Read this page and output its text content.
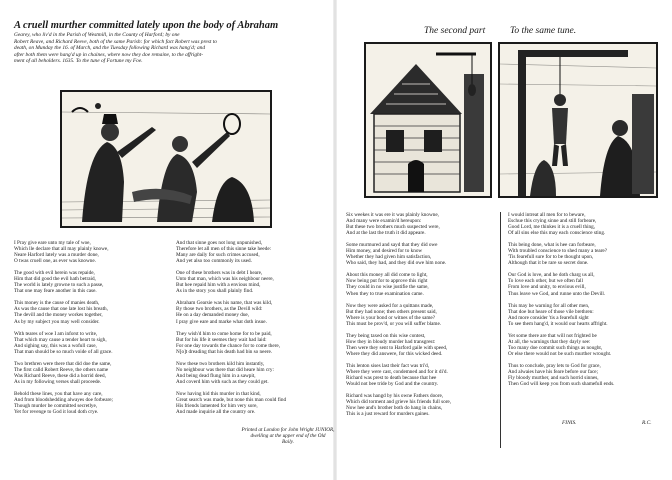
A cruell murther committed lately upon the body of Abraham
Gearey, who liv'd in the Parish of Westmill, in the County of Harford; by one
Robert Reave, and Richard Reeve, both of the same Parish: for which fact Robert was prest to
death, on Munday the 16. of March, and the Tuesday following Richard was hang'd; and
after both them were hang'd up in chaines, where now they doe remaine, to the affright-
ment of all beholders. 1635. To the tune of Fortune my Foe.

I Pray give eare unto my tale of woe,
Which lle declare that all may plainly knowe,
Neare Harford lately was a murder done,
O twas cruell one, as ever was knowne.

The good with evil herein was repaide,
Him that did good the evil hath betraid,
The world is lately growne to such a passe,
That one may feare another in this case.

This money is the cause of manies death,
As was the cause that one late lost his breath,
The devill and the money workes together,
As by my subject you may well consider.

With teares of woe I am inforst to write,
That which may cause a tender heart to sigh,
And sighing say, this was a wofull case,
That man should be so much voide of all grace.

Two brethren were there that did doe the same,
The first calld Robert Reeve, the others name
Was Richard Reeve, these did a horrid deed,
As in my following verses shall proceede.

Behold these lines, you that have any care,
And from bloodshedding alwayes doe forbeare;
Though murder be committed secretlye,
Yet for revenge to God it loud doth crye.

And that sinne goes not long unpunished,
Therefore let all men of this sinne take heede:
Many are daily for such crimes accused,
And yet also too commonly its used.

One of these brothers was in debt I heare,
Unto that man, which was his neighbour neere,
But hee repaid him with a envious mind,
As in the story you shall plainly find.

Abraham Gearsie was his name, that was kild,
By those two brothers, as the Devill wild:
He on a day demanded money due,
I pray give eare and marke what doth insue.

They wish'd him to come home for to be paid,
But for his life it seemes they wait had laid:
For one day towards the chance for to come there,
N[o]t dreading that his death had bin so neere.

Now these two brothers kild him instantly,
No neighbour was there that did heare him cry:
And being dead flung him in a sawpit,
And coverd him with such as they could get.

Now having hid this murder in that kind,
Great search was made, but none this man could find
His friends lamented for him very sore,
And made inquirie all the country ore.

The second part	To the same tune.

Six weekes it was ere it was plainly knowne,
And many were examin'd hereupon:
But these two brothers much suspected were,
And at the last the truth it did appeare.

Some murmured and sayd that they did owe
Him money, and desired for to know
Whether they had given him satisfaction,
Who said, they had, and they did owe him none.

About this money all did come to light,
Now being put for to approve this right
They could in no wise justifie the same,
When they to true examination came.

Now they were asked for a quittans made,
But they had none; then others present said,
Where is your bond or witnes of the same?
This must be prov'd, or you will suffer blame.

They being taxed on this wise contest,
How they in bloudy murder had transgrest:
Then were they sent to Harford gaile with speed,
Where they did answere, for this wicked deed.

This lenton sises last their fact was tri'd,
Where they were cast, condemned and for it di'd.
Richard was prest to death because that hee
Would not bee tride by God and the country.

Richard was hangd by his owne Fathers doore,
Which did torment and grieve his friends full sore,
Now hee and's brother both do hang in chains,
This is a just reward for murders gaines.

I would intreat all men for to beware,
Eschue this crying sinne and still forbeare,
Good Lord, me thinkes it is a cruell thing,
Of all sins else this may each conscience sting.

This being done, what is hee can forbeare,
With troubled conscience to shed many a teare?
'Tis fearefull sure for to be thought upon,
Although that it be rare so secret done.

Our God is love, and he doth charg us all,
To love each other, but we often fall
From love and unity, to envious evill,
Thus leave we God, and runne unto the Devill.

This may be warning for all other men,
That doe but heare of those vile brethren:
And more consider 'tis a fearefull sight
To see them hang'd, it would our hearts affright.

Yet some there are that will not frighted be
At all, the warnings that they dayly see:
Too many doe commit such things as nought,
Or else there would not be such murther wrought.

Thus to conclude, pray lets to God for grace,
And alwaies have his feare before our face;
Fly bloody murther, and such horrid sinnes,
Then God will keep you from such shamefull ends.

FINIS.	R.C.
Printed at London for John Wright JUNIOR,
dwelling at the upper end of the Old
Baily.
